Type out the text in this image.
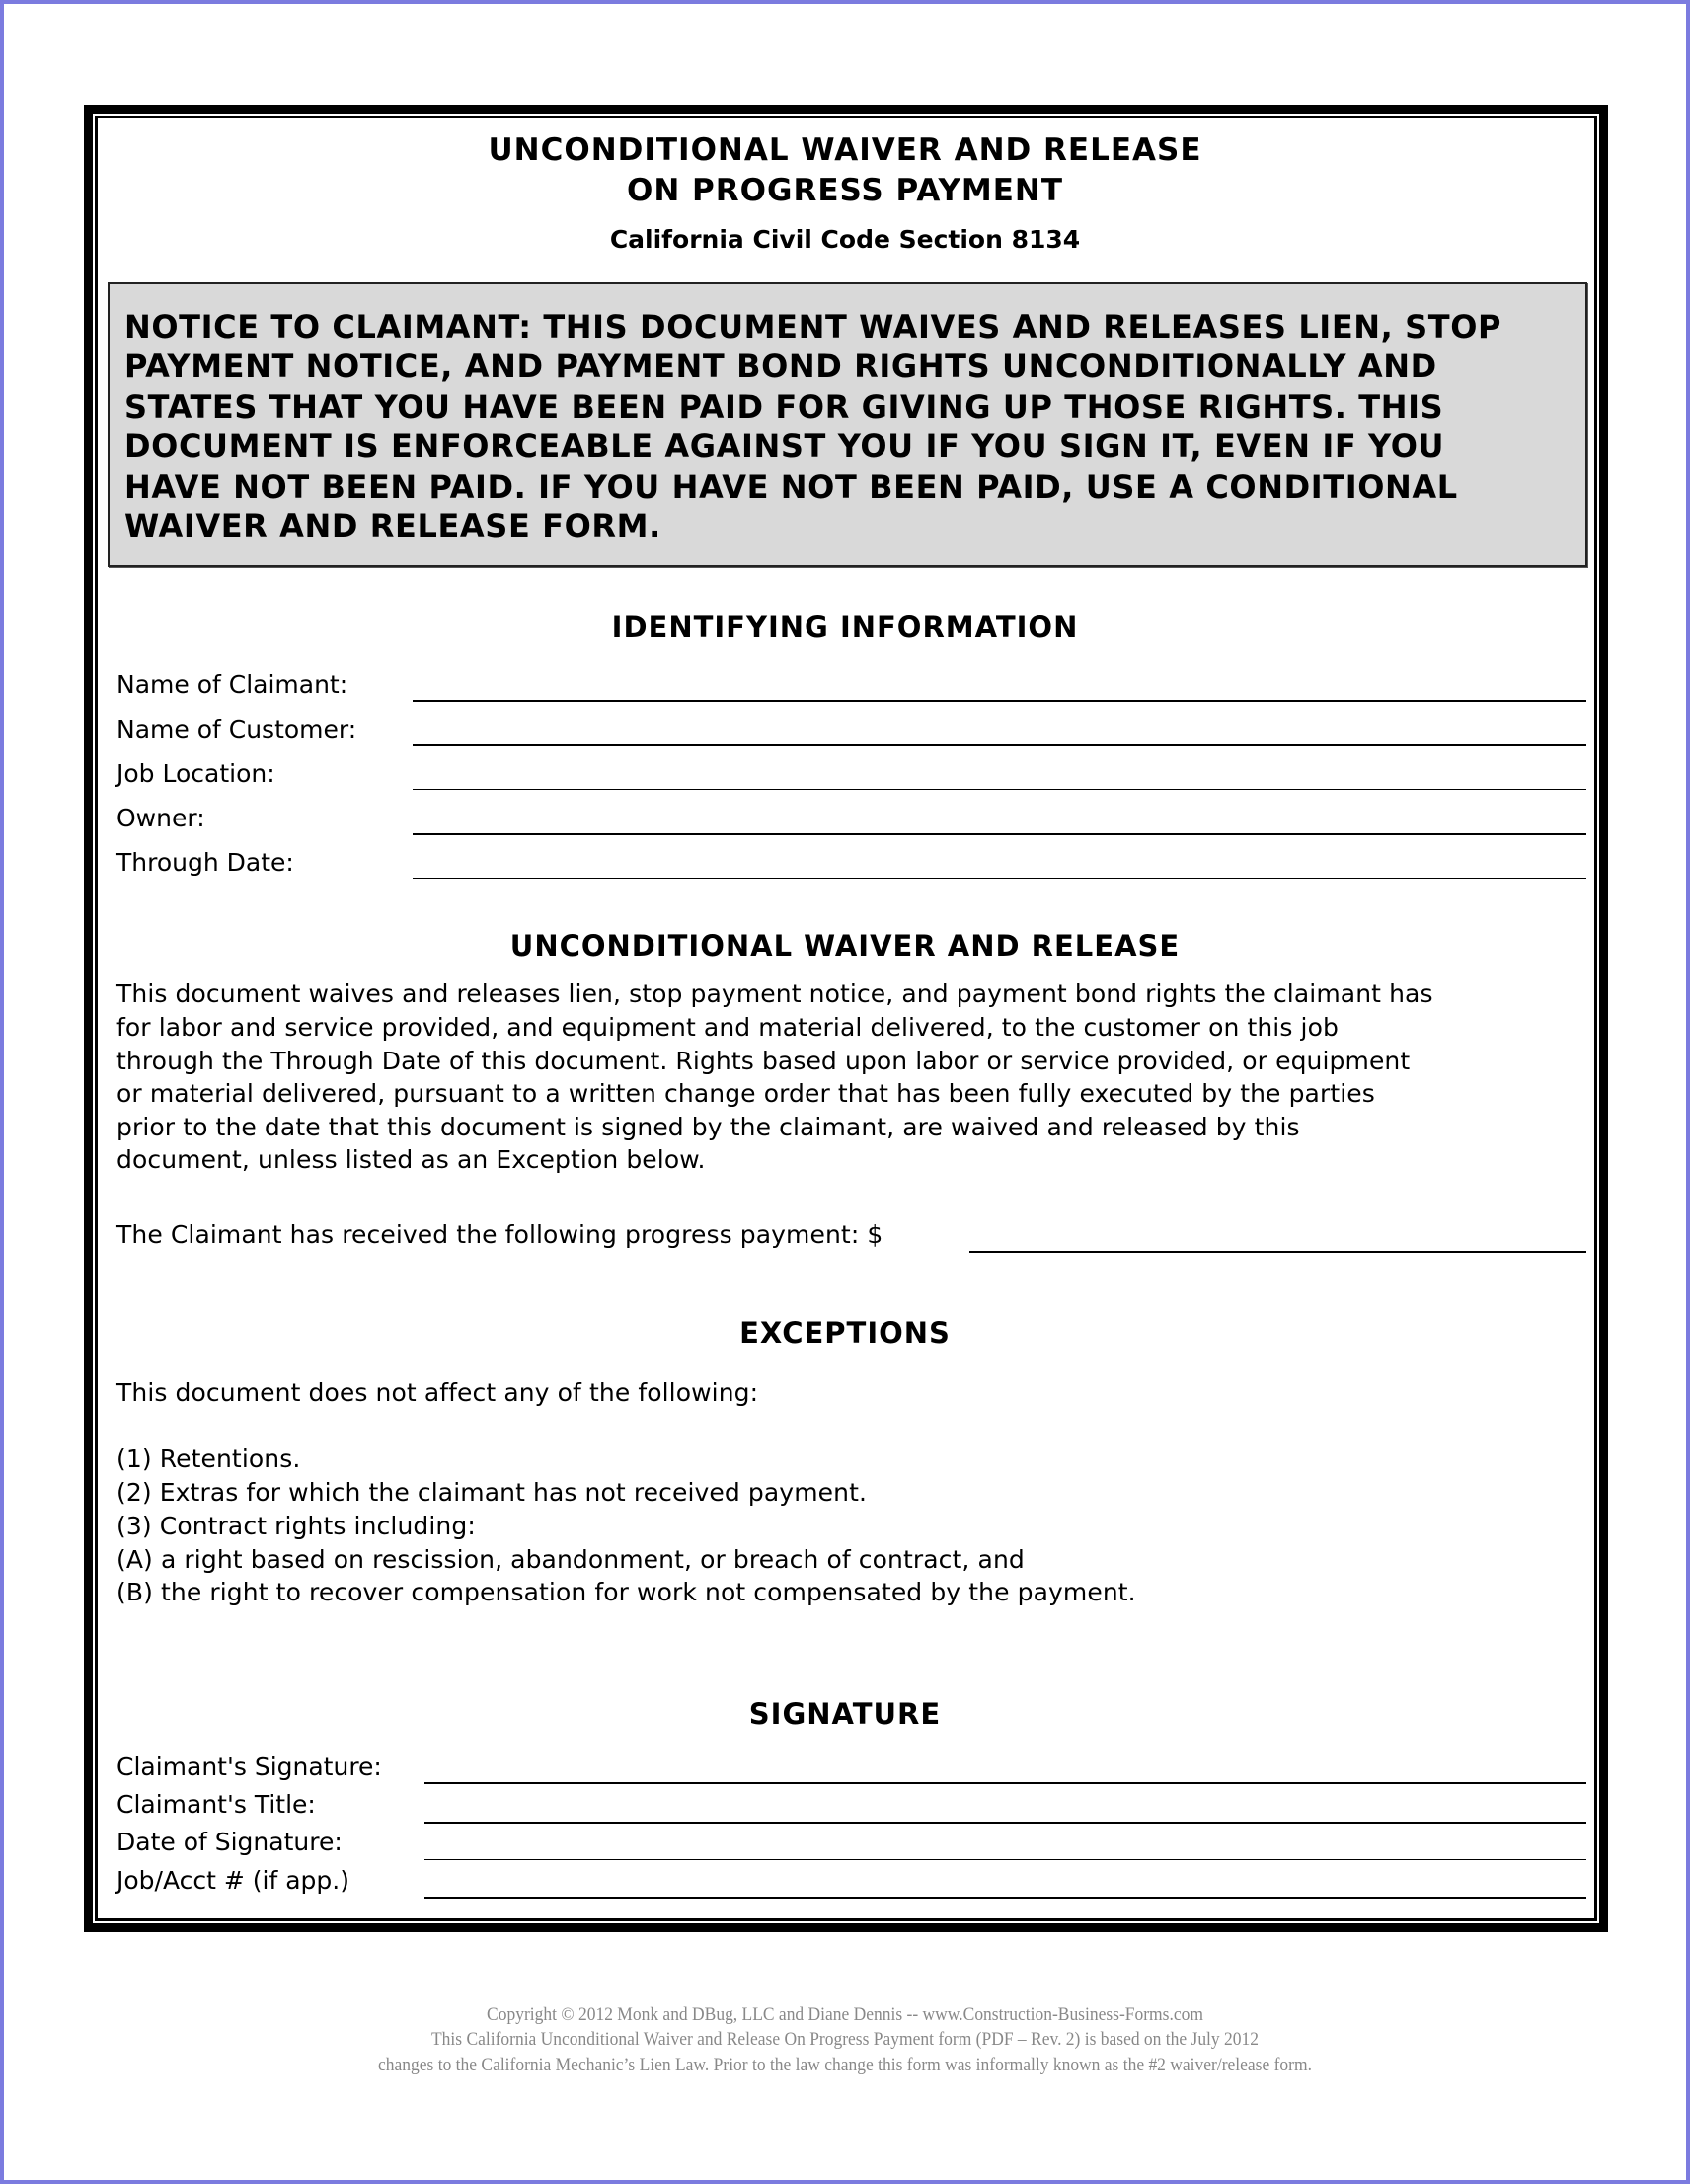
UNCONDITIONAL WAIVER AND RELEASE
ON PROGRESS PAYMENT
California Civil Code Section 8134
NOTICE TO CLAIMANT: THIS DOCUMENT WAIVES AND RELEASES LIEN, STOP
PAYMENT NOTICE, AND PAYMENT BOND RIGHTS UNCONDITIONALLY AND
STATES THAT YOU HAVE BEEN PAID FOR GIVING UP THOSE RIGHTS. THIS
DOCUMENT IS ENFORCEABLE AGAINST YOU IF YOU SIGN IT, EVEN IF YOU
HAVE NOT BEEN PAID. IF YOU HAVE NOT BEEN PAID, USE A CONDITIONAL
WAIVER AND RELEASE FORM.
IDENTIFYING INFORMATION
Name of Claimant:
Name of Customer:
Job Location:
Owner:
Through Date:
UNCONDITIONAL WAIVER AND RELEASE
This document waives and releases lien, stop payment notice, and payment bond rights the claimant has
for labor and service provided, and equipment and material delivered, to the customer on this job
through the Through Date of this document. Rights based upon labor or service provided, or equipment
or material delivered, pursuant to a written change order that has been fully executed by the parties
prior to the date that this document is signed by the claimant, are waived and released by this
document, unless listed as an Exception below.
The Claimant has received the following progress payment: $
EXCEPTIONS
This document does not affect any of the following:
(1) Retentions.
(2) Extras for which the claimant has not received payment.
(3) Contract rights including:
(A) a right based on rescission, abandonment, or breach of contract, and
(B) the right to recover compensation for work not compensated by the payment.
SIGNATURE
Claimant's Signature:
Claimant's Title:
Date of Signature:
Job/Acct # (if app.)
Copyright © 2012 Monk and DBug, LLC and Diane Dennis -- www.Construction-Business-Forms.com
This California Unconditional Waiver and Release On Progress Payment form (PDF – Rev. 2) is based on the July 2012
changes to the California Mechanic’s Lien Law. Prior to the law change this form was informally known as the #2 waiver/release form.
